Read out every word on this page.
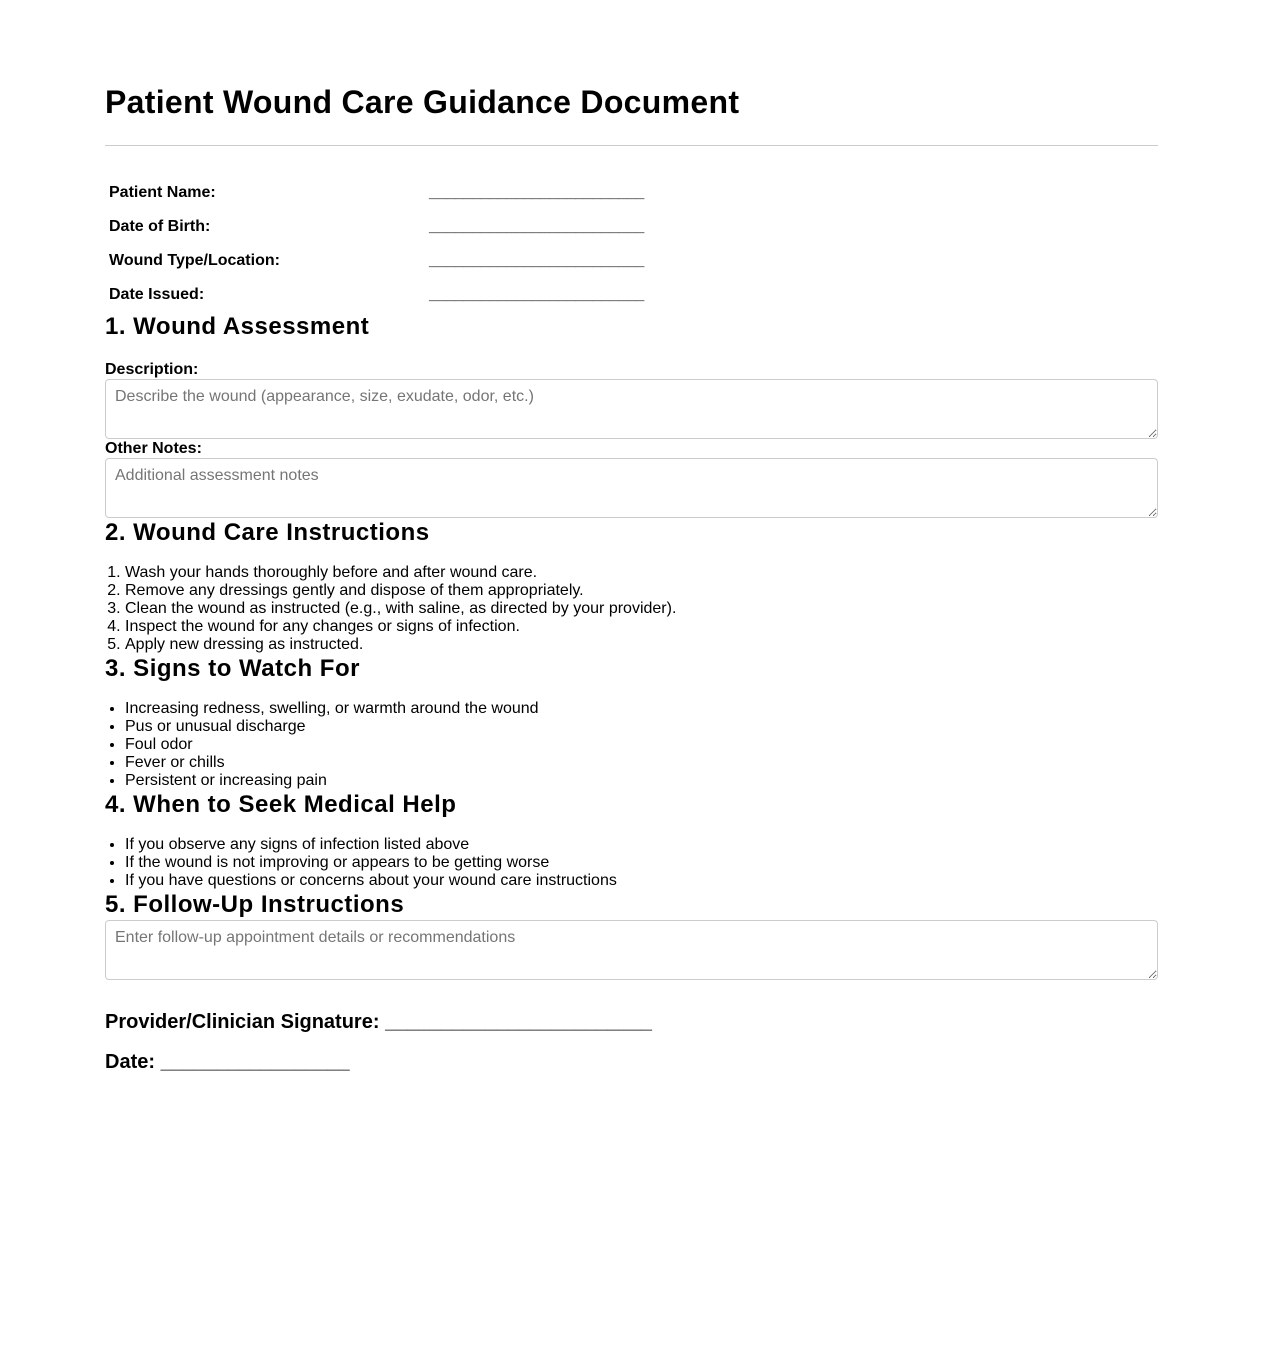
Patient Wound Care Guidance Document
Patient Name:	_________________________
Date of Birth:	_________________________
Wound Type/Location:	_________________________
Date Issued:	_________________________
1. Wound Assessment
Description:
Describe the wound (appearance, size, exudate, odor, etc.)
Other Notes:
Additional assessment notes
2. Wound Care Instructions
1. Wash your hands thoroughly before and after wound care.
2. Remove any dressings gently and dispose of them appropriately.
3. Clean the wound as instructed (e.g., with saline, as directed by your provider).
4. Inspect the wound for any changes or signs of infection.
5. Apply new dressing as instructed.
3. Signs to Watch For
• Increasing redness, swelling, or warmth around the wound
• Pus or unusual discharge
• Foul odor
• Fever or chills
• Persistent or increasing pain
4. When to Seek Medical Help
• If you observe any signs of infection listed above
• If the wound is not improving or appears to be getting worse
• If you have questions or concerns about your wound care instructions
5. Follow-Up Instructions
Enter follow-up appointment details or recommendations
Provider/Clinician Signature: ________________________
Date: _________________
